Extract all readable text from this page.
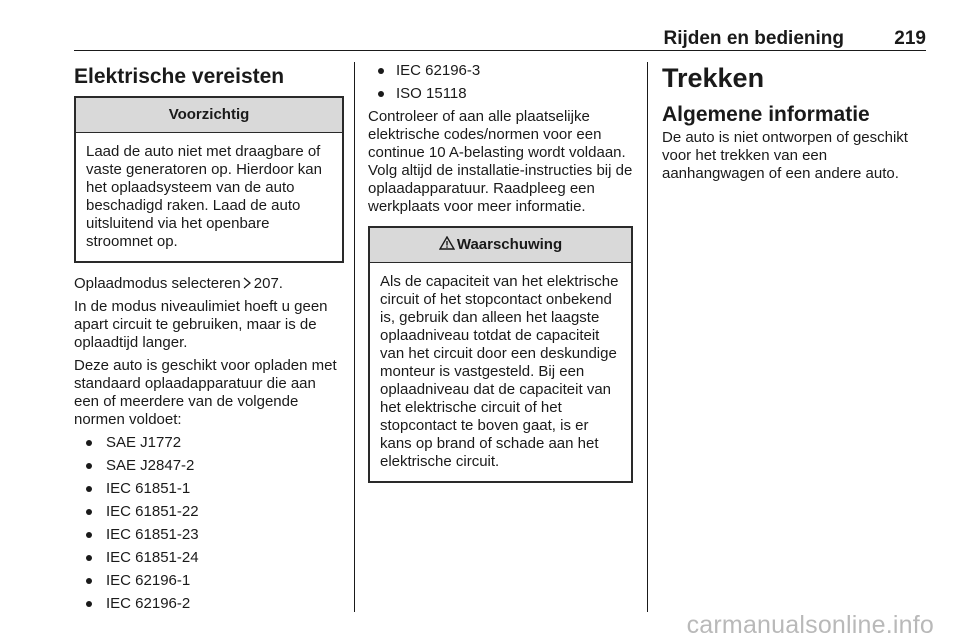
Rijden en bediening	219
Elektrische vereisten
Voorzichtig
Laad de auto niet met draagbare of vaste generatoren op. Hierdoor kan het oplaadsysteem van de auto beschadigd raken. Laad de auto uitsluitend via het openbare stroomnet op.

Oplaadmodus selecteren 207.

In de modus niveaulimiet hoeft u geen apart circuit te gebruiken, maar is de oplaadtijd langer.

Deze auto is geschikt voor opladen met standaard oplaadapparatuur die aan een of meerdere van de volgende normen voldoet:

SAE J1772
SAE J2847-2
IEC 61851-1
IEC 61851-22
IEC 61851-23
IEC 61851-24
IEC 62196-1
IEC 62196-2
IEC 62196-3
ISO 15118

Controleer of aan alle plaatselijke elektrische codes/normen voor een continue 10 A-belasting wordt voldaan. Volg altijd de installatie-instructies bij de oplaadapparatuur. Raadpleeg een werkplaats voor meer informatie.

Waarschuwing
Als de capaciteit van het elektrische circuit of het stopcontact onbekend is, gebruik dan alleen het laagste oplaadniveau totdat de capaciteit van het circuit door een deskundige monteur is vastgesteld. Bij een oplaadniveau dat de capaciteit van het elektrische circuit of het stopcontact te boven gaat, is er kans op brand of schade aan het elektrische circuit.
Trekken
Algemene informatie

De auto is niet ontworpen of geschikt voor het trekken van een aanhangwagen of een andere auto.

carmanualsonline.info
